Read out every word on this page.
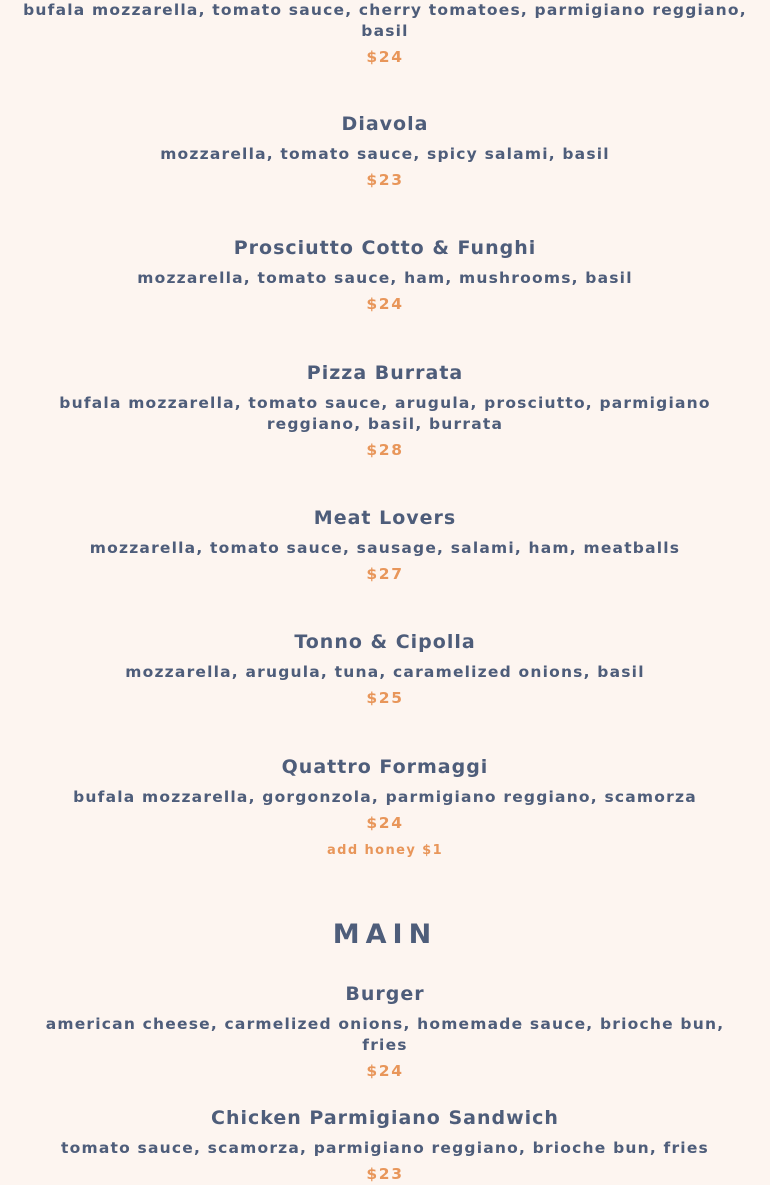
bufala mozzarella, tomato sauce, cherry tomatoes, parmigiano reggiano, basil

$24

Diavola

mozzarella, tomato sauce, spicy salami, basil

$23

Prosciutto Cotto & Funghi

mozzarella, tomato sauce, ham, mushrooms, basil

$24

Pizza Burrata

bufala mozzarella, tomato sauce, arugula, prosciutto, parmigiano reggiano, basil, burrata

$28

Meat Lovers

mozzarella, tomato sauce, sausage, salami, ham, meatballs

$27

Tonno & Cipolla

mozzarella, arugula, tuna, caramelized onions, basil

$25

Quattro Formaggi

bufala mozzarella, gorgonzola, parmigiano reggiano, scamorza

$24

add honey $1

MAIN

Burger

american cheese, carmelized onions, homemade sauce, brioche bun, fries

$24

Chicken Parmigiano Sandwich

tomato sauce, scamorza, parmigiano reggiano, brioche bun, fries

$23
